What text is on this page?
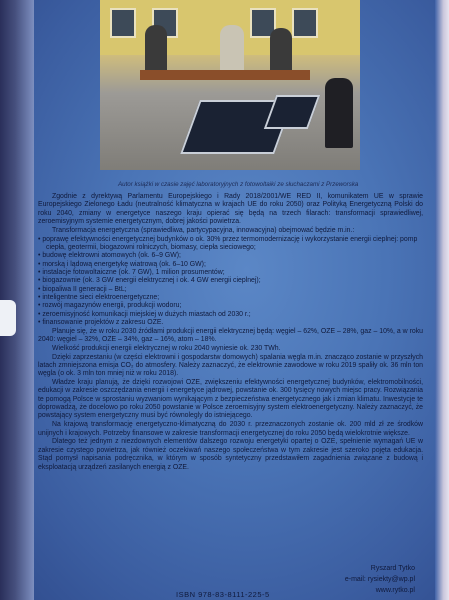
Autor książki w czasie zajęć laboratoryjnych z fotowoltaiki ze słuchaczami z Przeworska

Zgodnie z dyrektywą Parlamentu Europejskiego i Rady 2018/2001/WE RED II, komunikatem UE w sprawie Europejskiego Zielonego Ładu (neutralność klimatyczna w krajach UE do roku 2050) oraz Polityką Energetyczną Polski do roku 2040, zmiany w energetyce naszego kraju opierać się będą na trzech filarach: transformacji sprawiedliwej, zeroemisyjnym systemie energetycznym, dobrej jakości powietrza.

Transformacja energetyczna (sprawiedliwa, partycypacyjna, innowacyjna) obejmować będzie m.in.:

• poprawę efektywności energetycznej budynków o ok. 30% przez termomodernizację i wykorzystanie energii cieplnej: pomp ciepła, geotermii, biogazowni rolniczych, biomasy, ciepła sieciowego;
• budowę elektrowni atomowych (ok. 6–9 GW);
• morską i lądową energetykę wiatrową (ok. 6–10 GW);
• instalacje fotowoltaiczne (ok. 7 GW), 1 milion prosumentów;
• biogazownie (ok. 3 GW energii elektrycznej i ok. 4 GW energii cieplnej);
• biopaliwa II generacji – BtL;
• inteligentne sieci elektroenergetyczne;
• rozwój magazynów energii, produkcji wodoru;
• zeroemisyjność komunikacji miejskiej w dużych miastach od 2030 r.;
• finansowanie projektów z zakresu OZE.

Planuje się, że w roku 2030 źródłami produkcji energii elektrycznej będą: węgiel – 62%, OZE – 28%, gaz – 10%, a w roku 2040: węgiel – 32%, OZE – 34%, gaz – 16%, atom – 18%.

Wielkość produkcji energii elektrycznej w roku 2040 wyniesie ok. 230 TWh.

Dzięki zaprzestaniu (w części elektrowni i gospodarstw domowych) spalania węgla m.in. znacząco zostanie w przyszłych latach zmniejszona emisja CO₂ do atmosfery. Należy zaznaczyć, że elektrownie zawodowe w roku 2019 spaliły ok. 36 mln ton węgla (o ok. 3 mln ton mniej niż w roku 2018).

Władze kraju planują, że dzięki rozwojowi OZE, zwiększeniu efektywności energetycznej budynków, elektromobilności, edukacji w zakresie oszczędzania energii i energetyce jądrowej, powstanie ok. 300 tysięcy nowych miejsc pracy. Rozwiązania te pomogą Polsce w sprostaniu wyzwaniom wynikającym z bezpieczeństwa energetycznego jak i zmian klimatu. Inwestycje te doprowadzą, że docelowo po roku 2050 powstanie w Polsce zeroemisyjny system elektroenergetyczny. Należy zaznaczyć, że powstający system energetyczny musi być równolegly do istniejącego.

Na krajową transformację energetyczno-klimatyczną do 2030 r. przeznaczonych zostanie ok. 200 mld zł ze środków unijnych i krajowych. Potrzeby finansowe w zakresie transformacji energetycznej do roku 2050 będą wielokrotnie większe.

Dlatego też jednym z niezdownych elementów dalszego rozwoju energetyki opartej o OZE, spełnienie wymagań UE w zakresie czystego powietrza, jak również oczekiwań naszego społeczeństwa w tym zakresie jest szeroko pojęta edukacja. Stąd pomysł napisania podręcznika, w którym w sposób syntetyczny przedstawiłem zagadnienia związane z budową i eksploatacją urządzeń zasilanych energią z OZE.

Ryszard Tytko
e-mail: rysiekty@wp.pl
www.rytko.pl
ISBN 978-83-8111-225-5
